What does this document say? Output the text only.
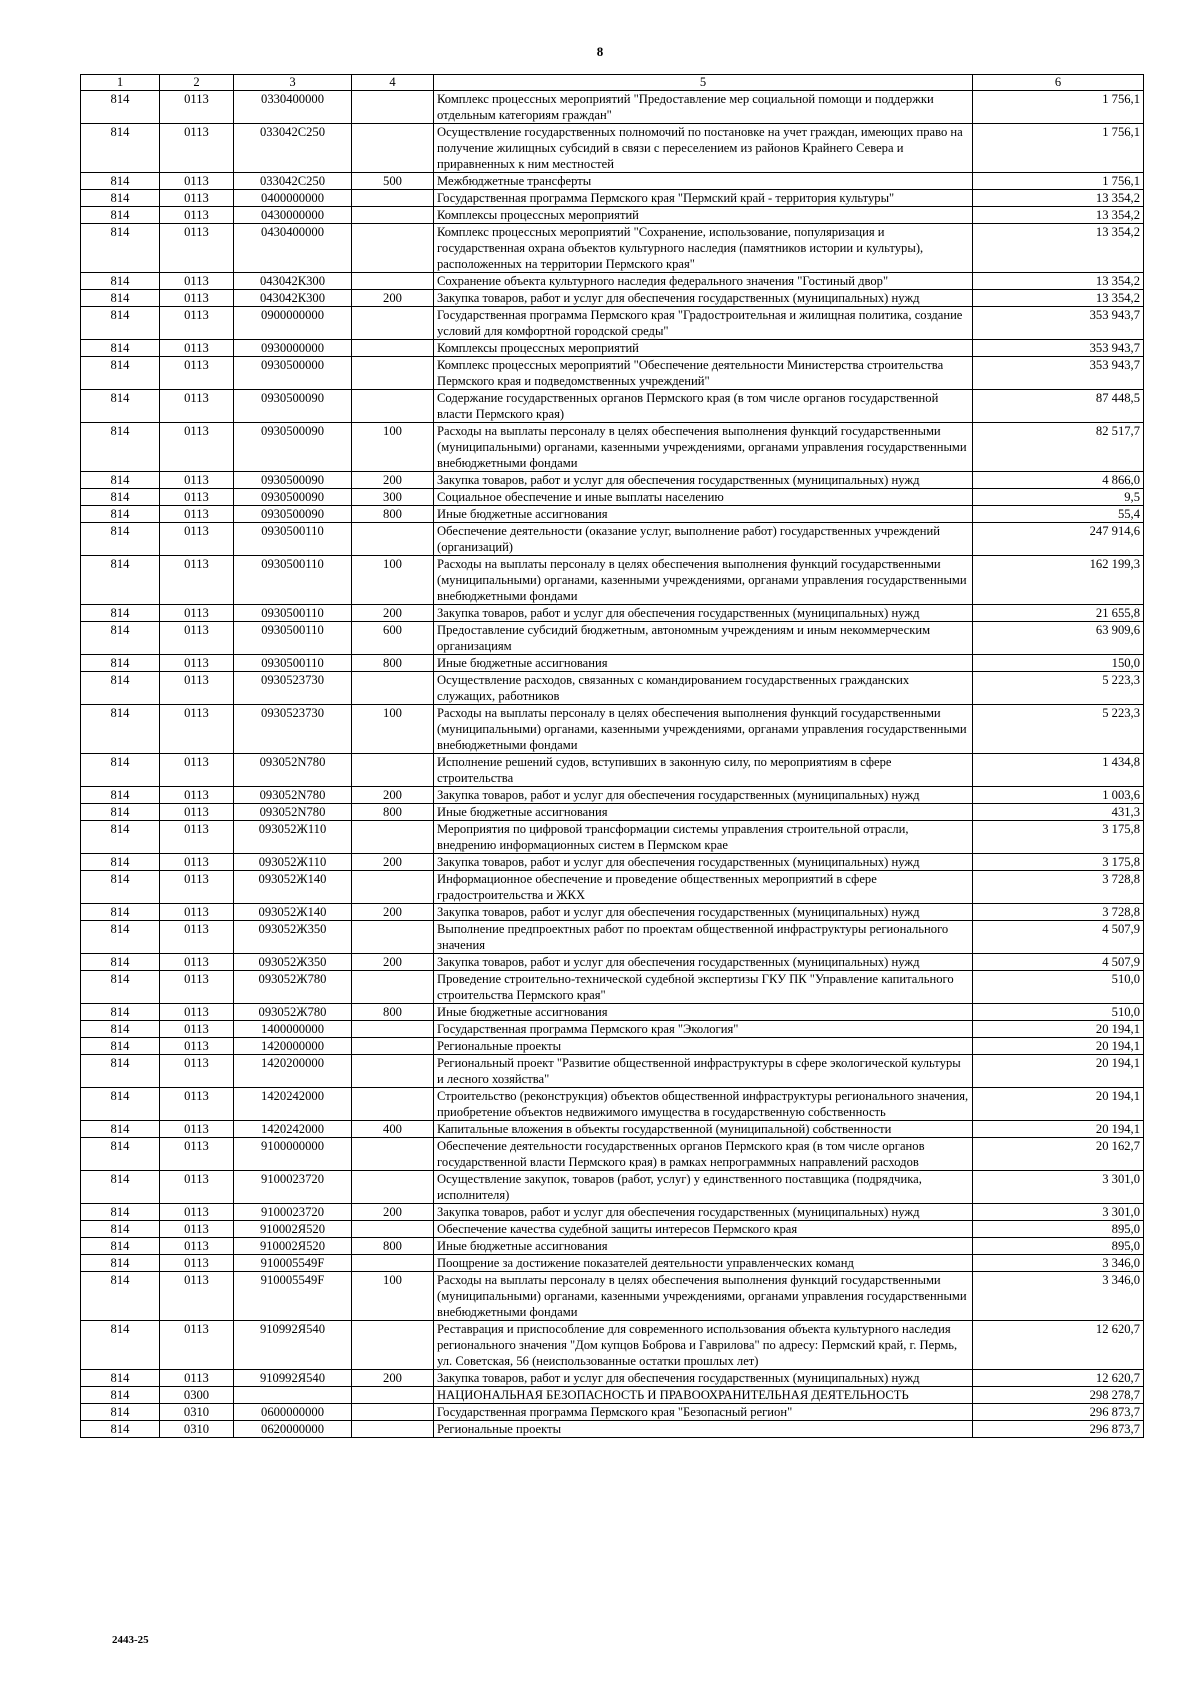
8
1	2	3	4	5	6
814	0113	0330400000		Комплекс процессных мероприятий "Предоставление мер социальной помощи и поддержки отдельным категориям граждан"	1 756,1
814	0113	033042С250		Осуществление государственных полномочий по постановке на учет граждан, имеющих право на получение жилищных субсидий в связи с переселением из районов Крайнего Севера и приравненных к ним местностей	1 756,1
814	0113	033042С250	500	Межбюджетные трансферты	1 756,1
814	0113	0400000000		Государственная программа Пермского края "Пермский край - территория культуры"	13 354,2
814	0113	0430000000		Комплексы процессных мероприятий	13 354,2
814	0113	0430400000		Комплекс процессных мероприятий "Сохранение, использование, популяризация и государственная охрана объектов культурного наследия (памятников истории и культуры), расположенных на территории Пермского края"	13 354,2
814	0113	043042К300		Сохранение объекта культурного наследия федерального значения "Гостиный двор"	13 354,2
814	0113	043042К300	200	Закупка товаров, работ и услуг для обеспечения государственных (муниципальных) нужд	13 354,2
814	0113	0900000000		Государственная программа Пермского края "Градостроительная и жилищная политика, создание условий для комфортной городской среды"	353 943,7
814	0113	0930000000		Комплексы процессных мероприятий	353 943,7
814	0113	0930500000		Комплекс процессных мероприятий "Обеспечение деятельности Министерства строительства Пермского края и подведомственных учреждений"	353 943,7
814	0113	0930500090		Содержание государственных органов Пермского края (в том числе органов государственной власти Пермского края)	87 448,5
814	0113	0930500090	100	Расходы на выплаты персоналу в целях обеспечения выполнения функций государственными (муниципальными) органами, казенными учреждениями, органами управления государственными внебюджетными фондами	82 517,7
814	0113	0930500090	200	Закупка товаров, работ и услуг для обеспечения государственных (муниципальных) нужд	4 866,0
814	0113	0930500090	300	Социальное обеспечение и иные выплаты населению	9,5
814	0113	0930500090	800	Иные бюджетные ассигнования	55,4
814	0113	0930500110		Обеспечение деятельности (оказание услуг, выполнение работ) государственных учреждений (организаций)	247 914,6
814	0113	0930500110	100	Расходы на выплаты персоналу в целях обеспечения выполнения функций государственными (муниципальными) органами, казенными учреждениями, органами управления государственными внебюджетными фондами	162 199,3
814	0113	0930500110	200	Закупка товаров, работ и услуг для обеспечения государственных (муниципальных) нужд	21 655,8
814	0113	0930500110	600	Предоставление субсидий бюджетным, автономным учреждениям и иным некоммерческим организациям	63 909,6
814	0113	0930500110	800	Иные бюджетные ассигнования	150,0
814	0113	0930523730		Осуществление расходов, связанных с командированием государственных гражданских служащих, работников	5 223,3
814	0113	0930523730	100	Расходы на выплаты персоналу в целях обеспечения выполнения функций государственными (муниципальными) органами, казенными учреждениями, органами управления государственными внебюджетными фондами	5 223,3
814	0113	093052N780		Исполнение решений судов, вступивших в законную силу, по мероприятиям в сфере строительства	1 434,8
814	0113	093052N780	200	Закупка товаров, работ и услуг для обеспечения государственных (муниципальных) нужд	1 003,6
814	0113	093052N780	800	Иные бюджетные ассигнования	431,3
814	0113	093052Ж110		Мероприятия по цифровой трансформации системы управления строительной отрасли, внедрению информационных систем в Пермском крае	3 175,8
814	0113	093052Ж110	200	Закупка товаров, работ и услуг для обеспечения государственных (муниципальных) нужд	3 175,8
814	0113	093052Ж140		Информационное обеспечение и проведение общественных мероприятий в сфере градостроительства и ЖКХ	3 728,8
814	0113	093052Ж140	200	Закупка товаров, работ и услуг для обеспечения государственных (муниципальных) нужд	3 728,8
814	0113	093052Ж350		Выполнение предпроектных работ по проектам общественной инфраструктуры регионального значения	4 507,9
814	0113	093052Ж350	200	Закупка товаров, работ и услуг для обеспечения государственных (муниципальных) нужд	4 507,9
814	0113	093052Ж780		Проведение строительно-технической судебной экспертизы ГКУ ПК "Управление капитального строительства Пермского края"	510,0
814	0113	093052Ж780	800	Иные бюджетные ассигнования	510,0
814	0113	1400000000		Государственная программа Пермского края "Экология"	20 194,1
814	0113	1420000000		Региональные проекты	20 194,1
814	0113	1420200000		Региональный проект "Развитие общественной инфраструктуры в сфере экологической культуры и лесного хозяйства"	20 194,1
814	0113	1420242000		Строительство (реконструкция) объектов общественной инфраструктуры регионального значения, приобретение объектов недвижимого имущества в государственную собственность	20 194,1
814	0113	1420242000	400	Капитальные вложения в объекты государственной (муниципальной) собственности	20 194,1
814	0113	9100000000		Обеспечение деятельности государственных органов Пермского края (в том числе органов государственной власти Пермского края) в рамках непрограммных направлений расходов	20 162,7
814	0113	9100023720		Осуществление закупок, товаров (работ, услуг) у единственного поставщика (подрядчика, исполнителя)	3 301,0
814	0113	9100023720	200	Закупка товаров, работ и услуг для обеспечения государственных (муниципальных) нужд	3 301,0
814	0113	910002Я520		Обеспечение качества судебной защиты интересов Пермского края	895,0
814	0113	910002Я520	800	Иные бюджетные ассигнования	895,0
814	0113	910005549F		Поощрение за достижение показателей деятельности управленческих команд	3 346,0
814	0113	910005549F	100	Расходы на выплаты персоналу в целях обеспечения выполнения функций государственными (муниципальными) органами, казенными учреждениями, органами управления государственными внебюджетными фондами	3 346,0
814	0113	910992Я540		Реставрация и приспособление для современного использования объекта культурного наследия регионального значения "Дом купцов Боброва и Гаврилова" по адресу: Пермский край, г. Пермь, ул. Советская, 56 (неиспользованные остатки прошлых лет)	12 620,7
814	0113	910992Я540	200	Закупка товаров, работ и услуг для обеспечения государственных (муниципальных) нужд	12 620,7
814	0300			НАЦИОНАЛЬНАЯ БЕЗОПАСНОСТЬ И ПРАВООХРАНИТЕЛЬНАЯ ДЕЯТЕЛЬНОСТЬ	298 278,7
814	0310	0600000000		Государственная программа Пермского края "Безопасный регион"	296 873,7
814	0310	0620000000		Региональные проекты	296 873,7
2443-25
